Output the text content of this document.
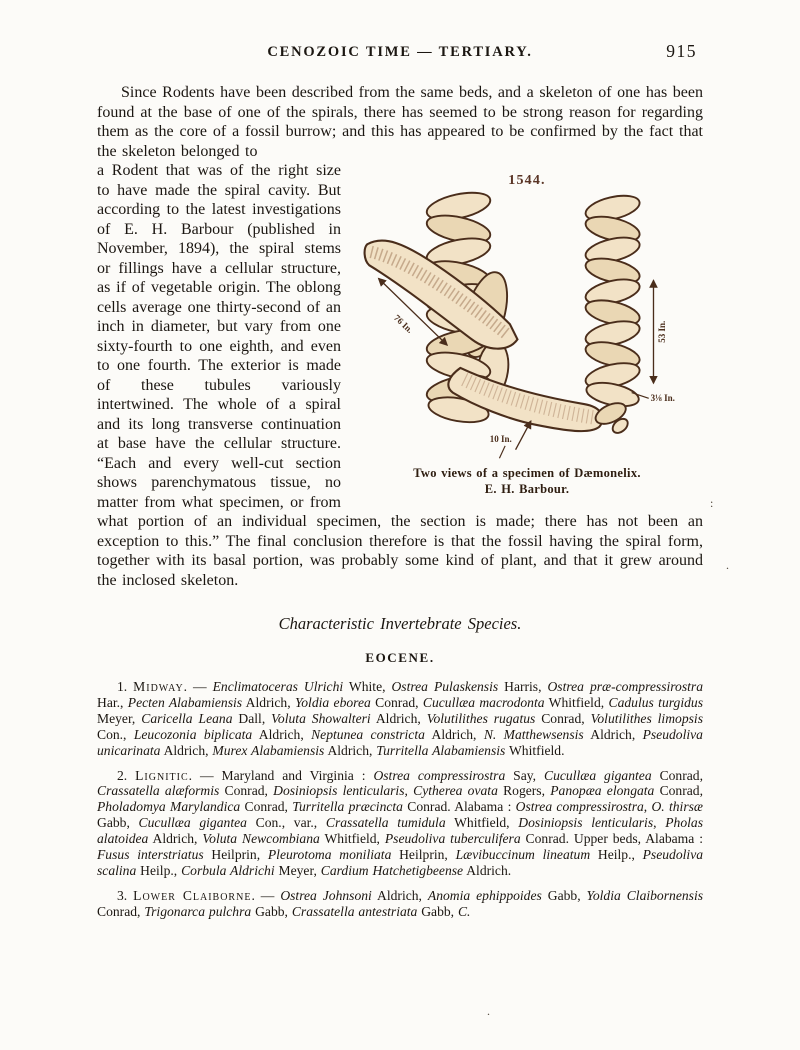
CENOZOIC TIME — TERTIARY.	915

Since Rodents have been described from the same beds, and a skeleton of one has been found at the base of one of the spirals, there has seemed to be strong reason for regarding them as the core of a fossil burrow; and this has appeared to be confirmed by the fact that the skeleton belonged to

1544.
76 In.	53 In.
3⅛ In.
10 In.
Two views of a specimen of Dæmonelix.
E. H. Barbour.

a Rodent that was of the right size to have made the spiral cavity. But according to the latest investigations of E. H. Barbour (published in November, 1894), the spiral stems or fillings have a cellular structure, as if of vegetable origin. The oblong cells average one thirty-second of an inch in diameter, but vary from one sixty-fourth to one eighth, and even to one fourth. The exterior is made of these tubules variously intertwined. The whole of a spiral and its long transverse continuation at base have the cellular structure. “Each and every well-cut section shows parenchymatous tissue, no matter from what specimen, or from what portion of an individual specimen, the section is made; there has not been an exception to this.” The final conclusion therefore is that the fossil having the spiral form, together with its basal portion, was probably some kind of plant, and that it grew around the inclosed skeleton.

Characteristic Invertebrate Species.
EOCENE.

1. Midway. — Enclimatoceras Ulrichi White, Ostrea Pulaskensis Harris, Ostrea præ-compressirostra Har., Pecten Alabamiensis Aldrich, Yoldia eborea Conrad, Cucullæa macrodonta Whitfield, Cadulus turgidus Meyer, Caricella Leana Dall, Voluta Showalteri Aldrich, Volutilithes rugatus Conrad, Volutilithes limopsis Con., Leucozonia biplicata Aldrich, Neptunea constricta Aldrich, N. Matthewsensis Aldrich, Pseudoliva unicarinata Aldrich, Murex Alabamiensis Aldrich, Turritella Alabamiensis Whitfield.

2. Lignitic. — Maryland and Virginia : Ostrea compressirostra Say, Cucullæa gigantea Conrad, Crassatella alæformis Conrad, Dosiniopsis lenticularis, Cytherea ovata Rogers, Panopæa elongata Conrad, Pholadomya Marylandica Conrad, Turritella præcincta Conrad. Alabama : Ostrea compressirostra, O. thirsæ Gabb, Cucullæa gigantea Con., var., Crassatella tumidula Whitfield, Dosiniopsis lenticularis, Pholas alatoidea Aldrich, Voluta Newcombiana Whitfield, Pseudoliva tuberculifera Conrad. Upper beds, Alabama : Fusus interstriatus Heilprin, Pleurotoma moniliata Heilprin, Lævibuccinum lineatum Heilp., Pseudoliva scalina Heilp., Corbula Aldrichi Meyer, Cardium Hatchetigbeense Aldrich.

3. Lower Claiborne. — Ostrea Johnsoni Aldrich, Anomia ephippoides Gabb, Yoldia Claibornensis Conrad, Trigonarca pulchra Gabb, Crassatella antestriata Gabb, C.

:
.
.
